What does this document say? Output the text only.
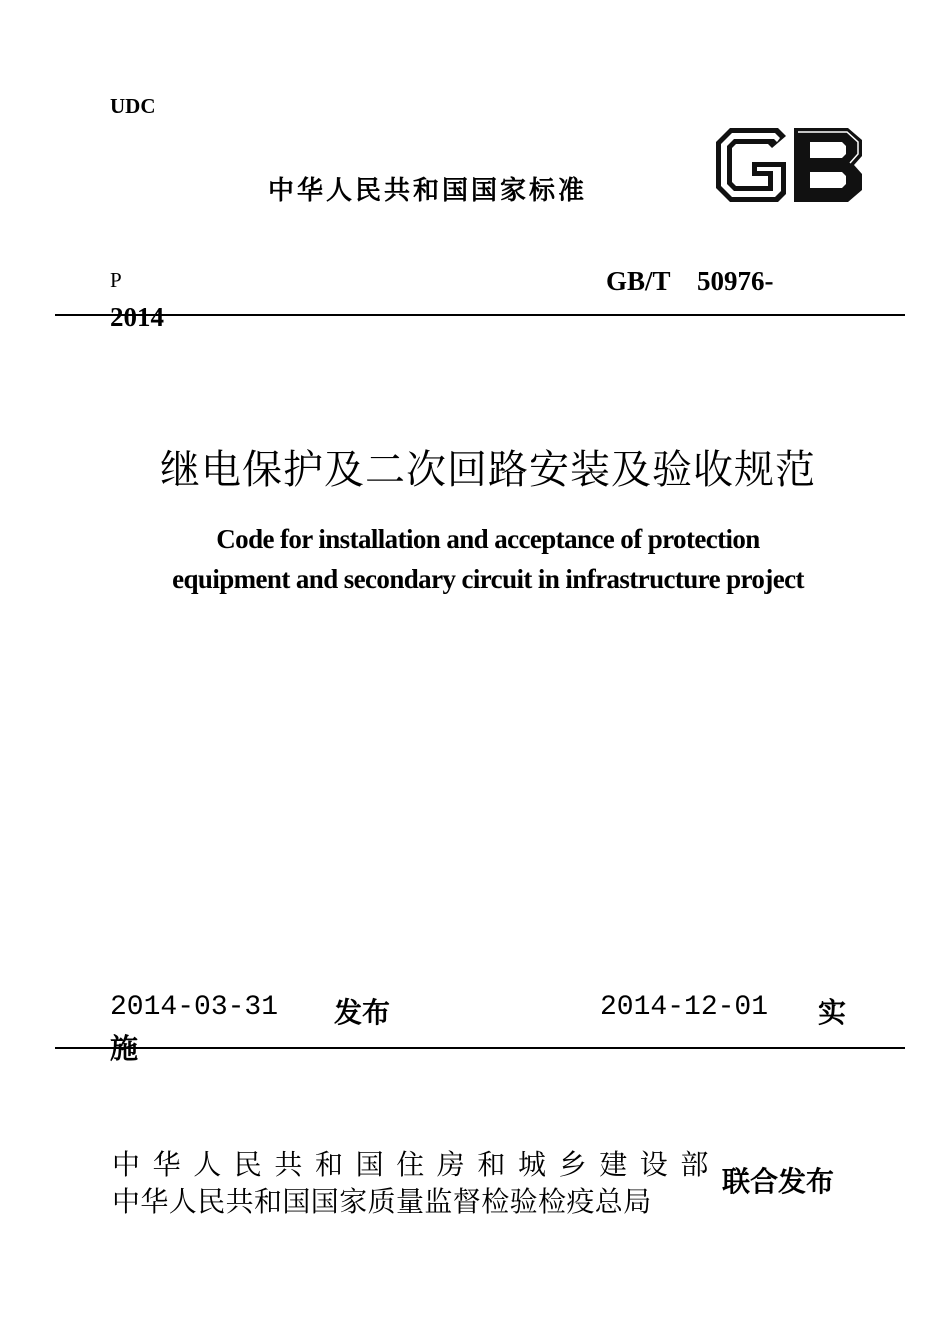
UDC
中华人民共和国国家标准
P	GB/T    50976-
2014
继电保护及二次回路安装及验收规范
Code for installation and acceptance of protection
equipment and secondary circuit in infrastructure project
2014-03-31 发布	2014-12-01 实
施
中华人民共和国住房和城乡建设部
中华人民共和国国家质量监督检验检疫总局
联合发布
